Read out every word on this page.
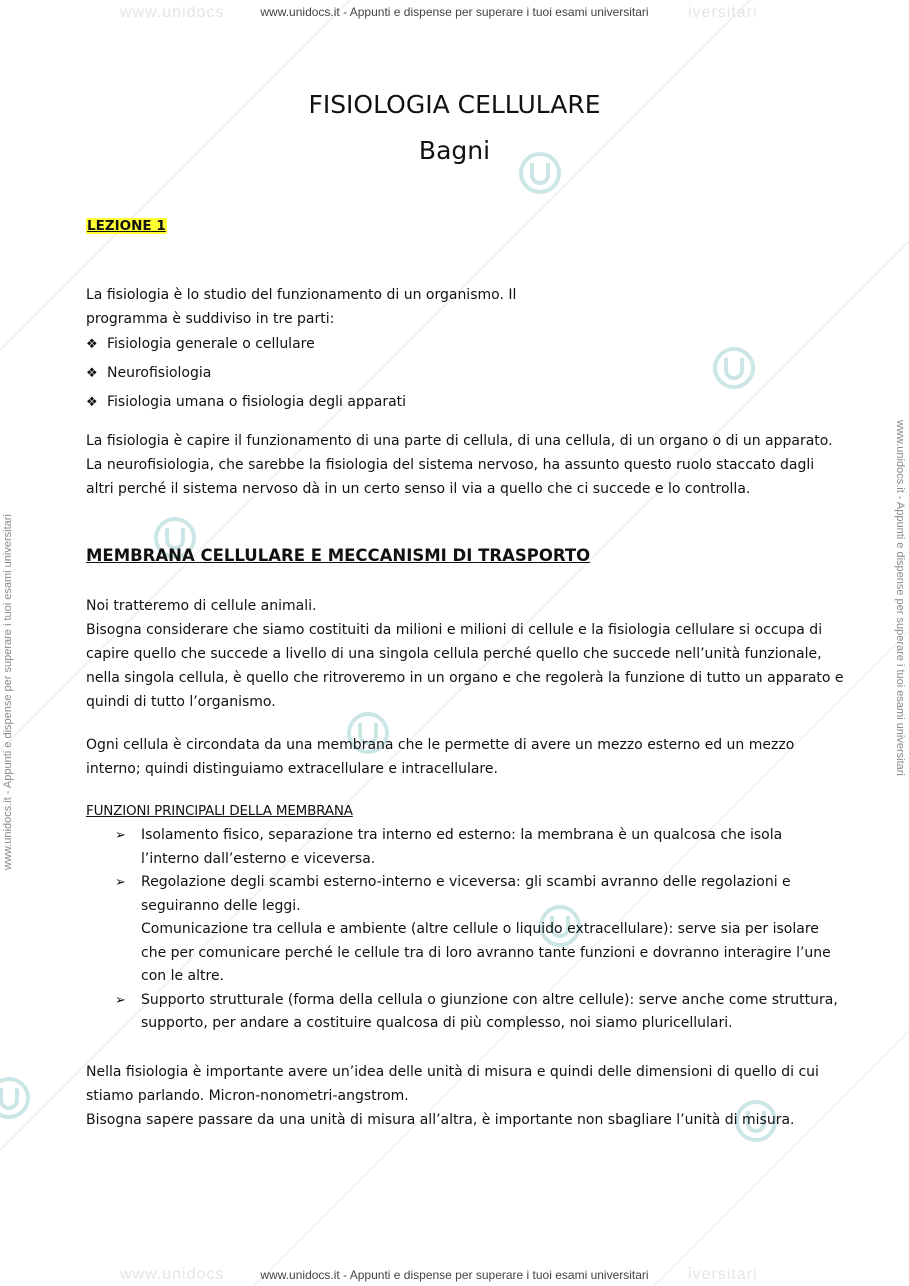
www.unidocs	iversitari
www.unidocs	iversitari
www.unidocs.it - Appunti e dispense per superare i tuoi esami universitari
www.unidocs.it - Appunti e dispense per superare i tuoi esami universitari
www.unidocs.it - Appunti e dispense per superare i tuoi esami universitari	www.unidocs.it - Appunti e dispense per superare i tuoi esami universitari
FISIOLOGIA CELLULARE
Bagni
LEZIONE 1

La fisiologia è lo studio del funzionamento di un organismo. Il

programma è suddiviso in tre parti:

❖ Fisiologia generale o cellulare
❖ Neurofisiologia
❖ Fisiologia umana o fisiologia degli apparati

La fisiologia è capire il funzionamento di una parte di cellula, di una cellula, di un organo o di un apparato.

La neurofisiologia, che sarebbe la fisiologia del sistema nervoso, ha assunto questo ruolo staccato dagli

altri perché il sistema nervoso dà in un certo senso il via a quello che ci succede e lo controlla.

MEMBRANA CELLULARE E MECCANISMI DI TRASPORTO

Noi tratteremo di cellule animali.

Bisogna considerare che siamo costituiti da milioni e milioni di cellule e la fisiologia cellulare si occupa di

capire quello che succede a livello di una singola cellula perché quello che succede nell’unità funzionale,

nella singola cellula, è quello che ritroveremo in un organo e che regolerà la funzione di tutto un apparato e

quindi di tutto l’organismo.

Ogni cellula è circondata da una membrana che le permette di avere un mezzo esterno ed un mezzo

interno; quindi distinguiamo extracellulare e intracellulare.

FUNZIONI PRINCIPALI DELLA MEMBRANA
➢ Isolamento fisico, separazione tra interno ed esterno: la membrana è un qualcosa che isola
l’interno dall’esterno e viceversa.
➢ Regolazione degli scambi esterno-interno e viceversa: gli scambi avranno delle regolazioni e
seguiranno delle leggi.
Comunicazione tra cellula e ambiente (altre cellule o liquido extracellulare): serve sia per isolare
che per comunicare perché le cellule tra di loro avranno tante funzioni e dovranno interagire l’une
con le altre.
➢ Supporto strutturale (forma della cellula o giunzione con altre cellule): serve anche come struttura,
supporto, per andare a costituire qualcosa di più complesso, noi siamo pluricellulari.

Nella fisiologia è importante avere un’idea delle unità di misura e quindi delle dimensioni di quello di cui

stiamo parlando. Micron-nonometri-angstrom.

Bisogna sapere passare da una unità di misura all’altra, è importante non sbagliare l’unità di misura.
